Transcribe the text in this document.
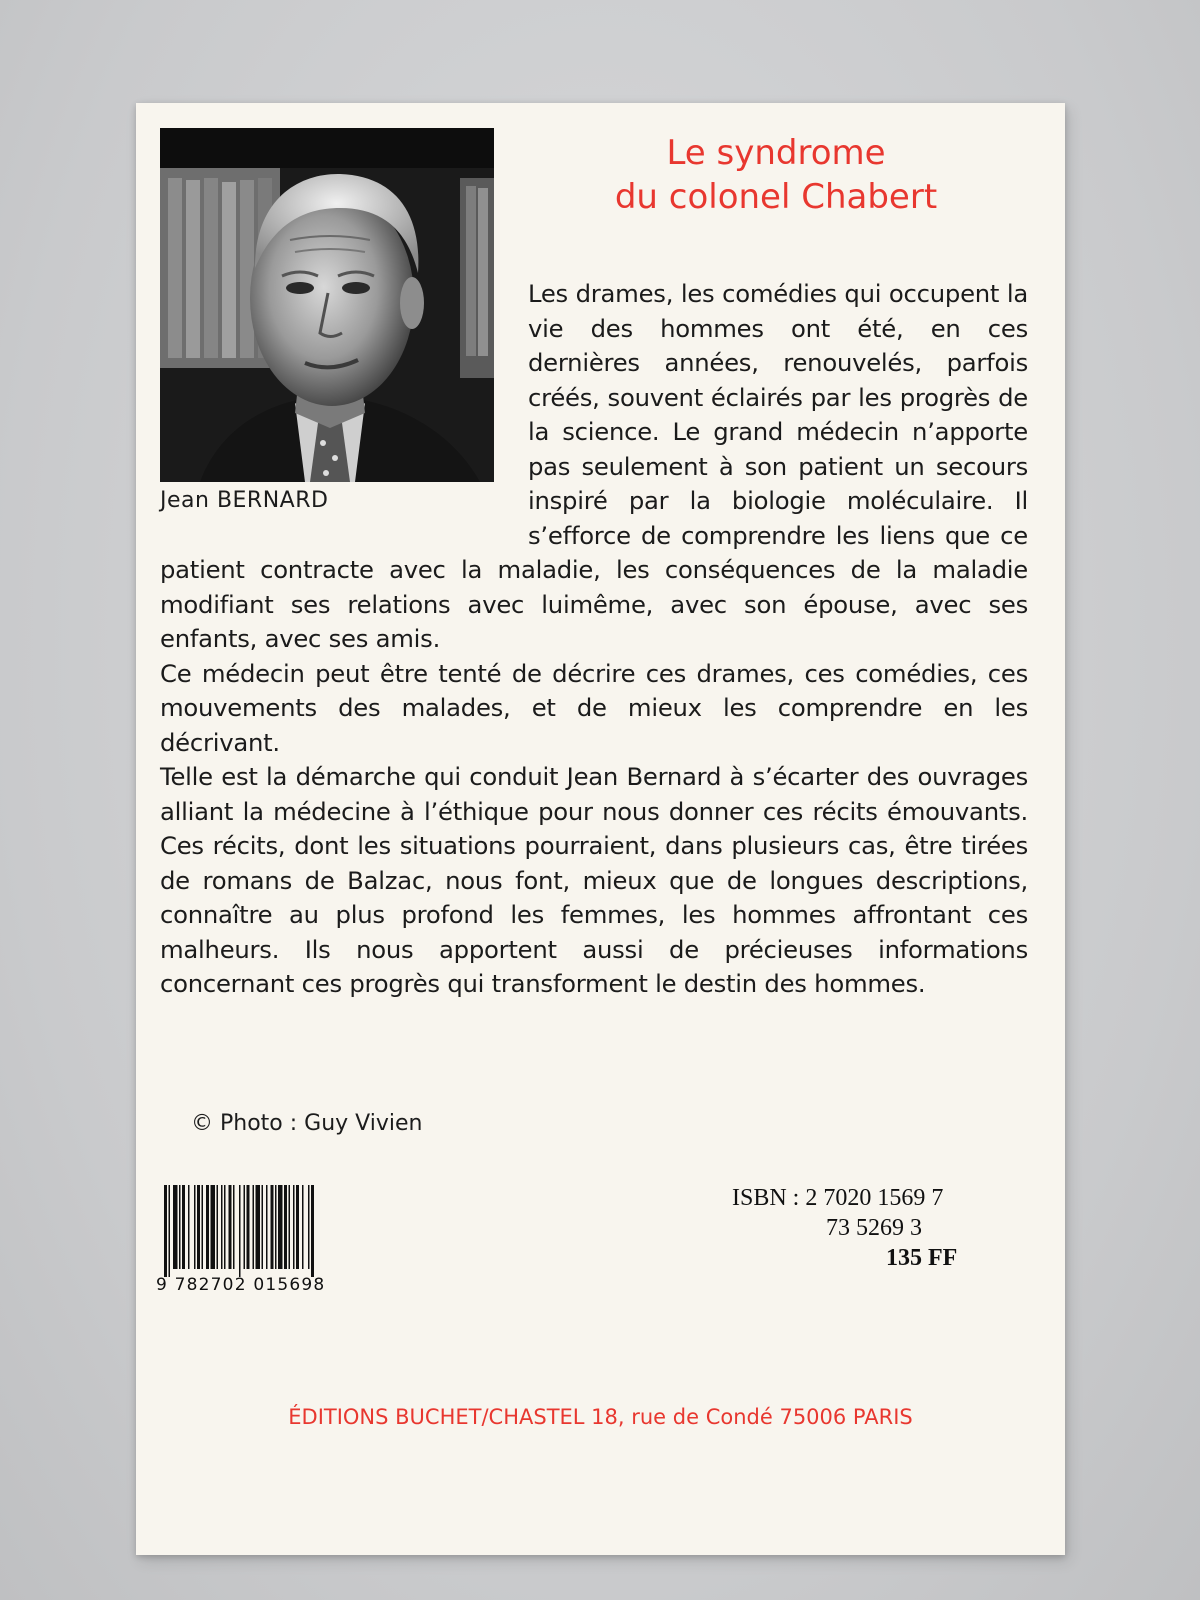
Jean BERNARD
Le syndrome
du colonel Chabert

Les drames, les comédies qui occupent la vie des hommes ont été, en ces dernières années, renouvelés, parfois créés, souvent éclairés par les progrès de la science. Le grand médecin n’apporte pas seulement à son patient un secours inspiré par la biologie moléculaire. Il s’efforce de comprendre les liens que ce patient contracte avec la maladie, les conséquences de la maladie modifiant ses relations avec luimême, avec son épouse, avec ses enfants, avec ses amis.

Ce médecin peut être tenté de décrire ces drames, ces comédies, ces mouvements des malades, et de mieux les comprendre en les décrivant.

Telle est la démarche qui conduit Jean Bernard à s’écarter des ouvrages alliant la médecine à l’éthique pour nous donner ces récits émouvants. Ces récits, dont les situations pourraient, dans plusieurs cas, être tirées de romans de Balzac, nous font, mieux que de longues descriptions, connaître au plus profond les femmes, les hommes affrontant ces malheurs. Ils nous apportent aussi de précieuses informations concernant ces progrès qui transforment le destin des hommes.

© Photo : Guy Vivien
9 782702 015698
ISBN : 2 7020 1569 7
73 5269 3
135 FF
ÉDITIONS BUCHET/CHASTEL 18, rue de Condé 75006 PARIS
